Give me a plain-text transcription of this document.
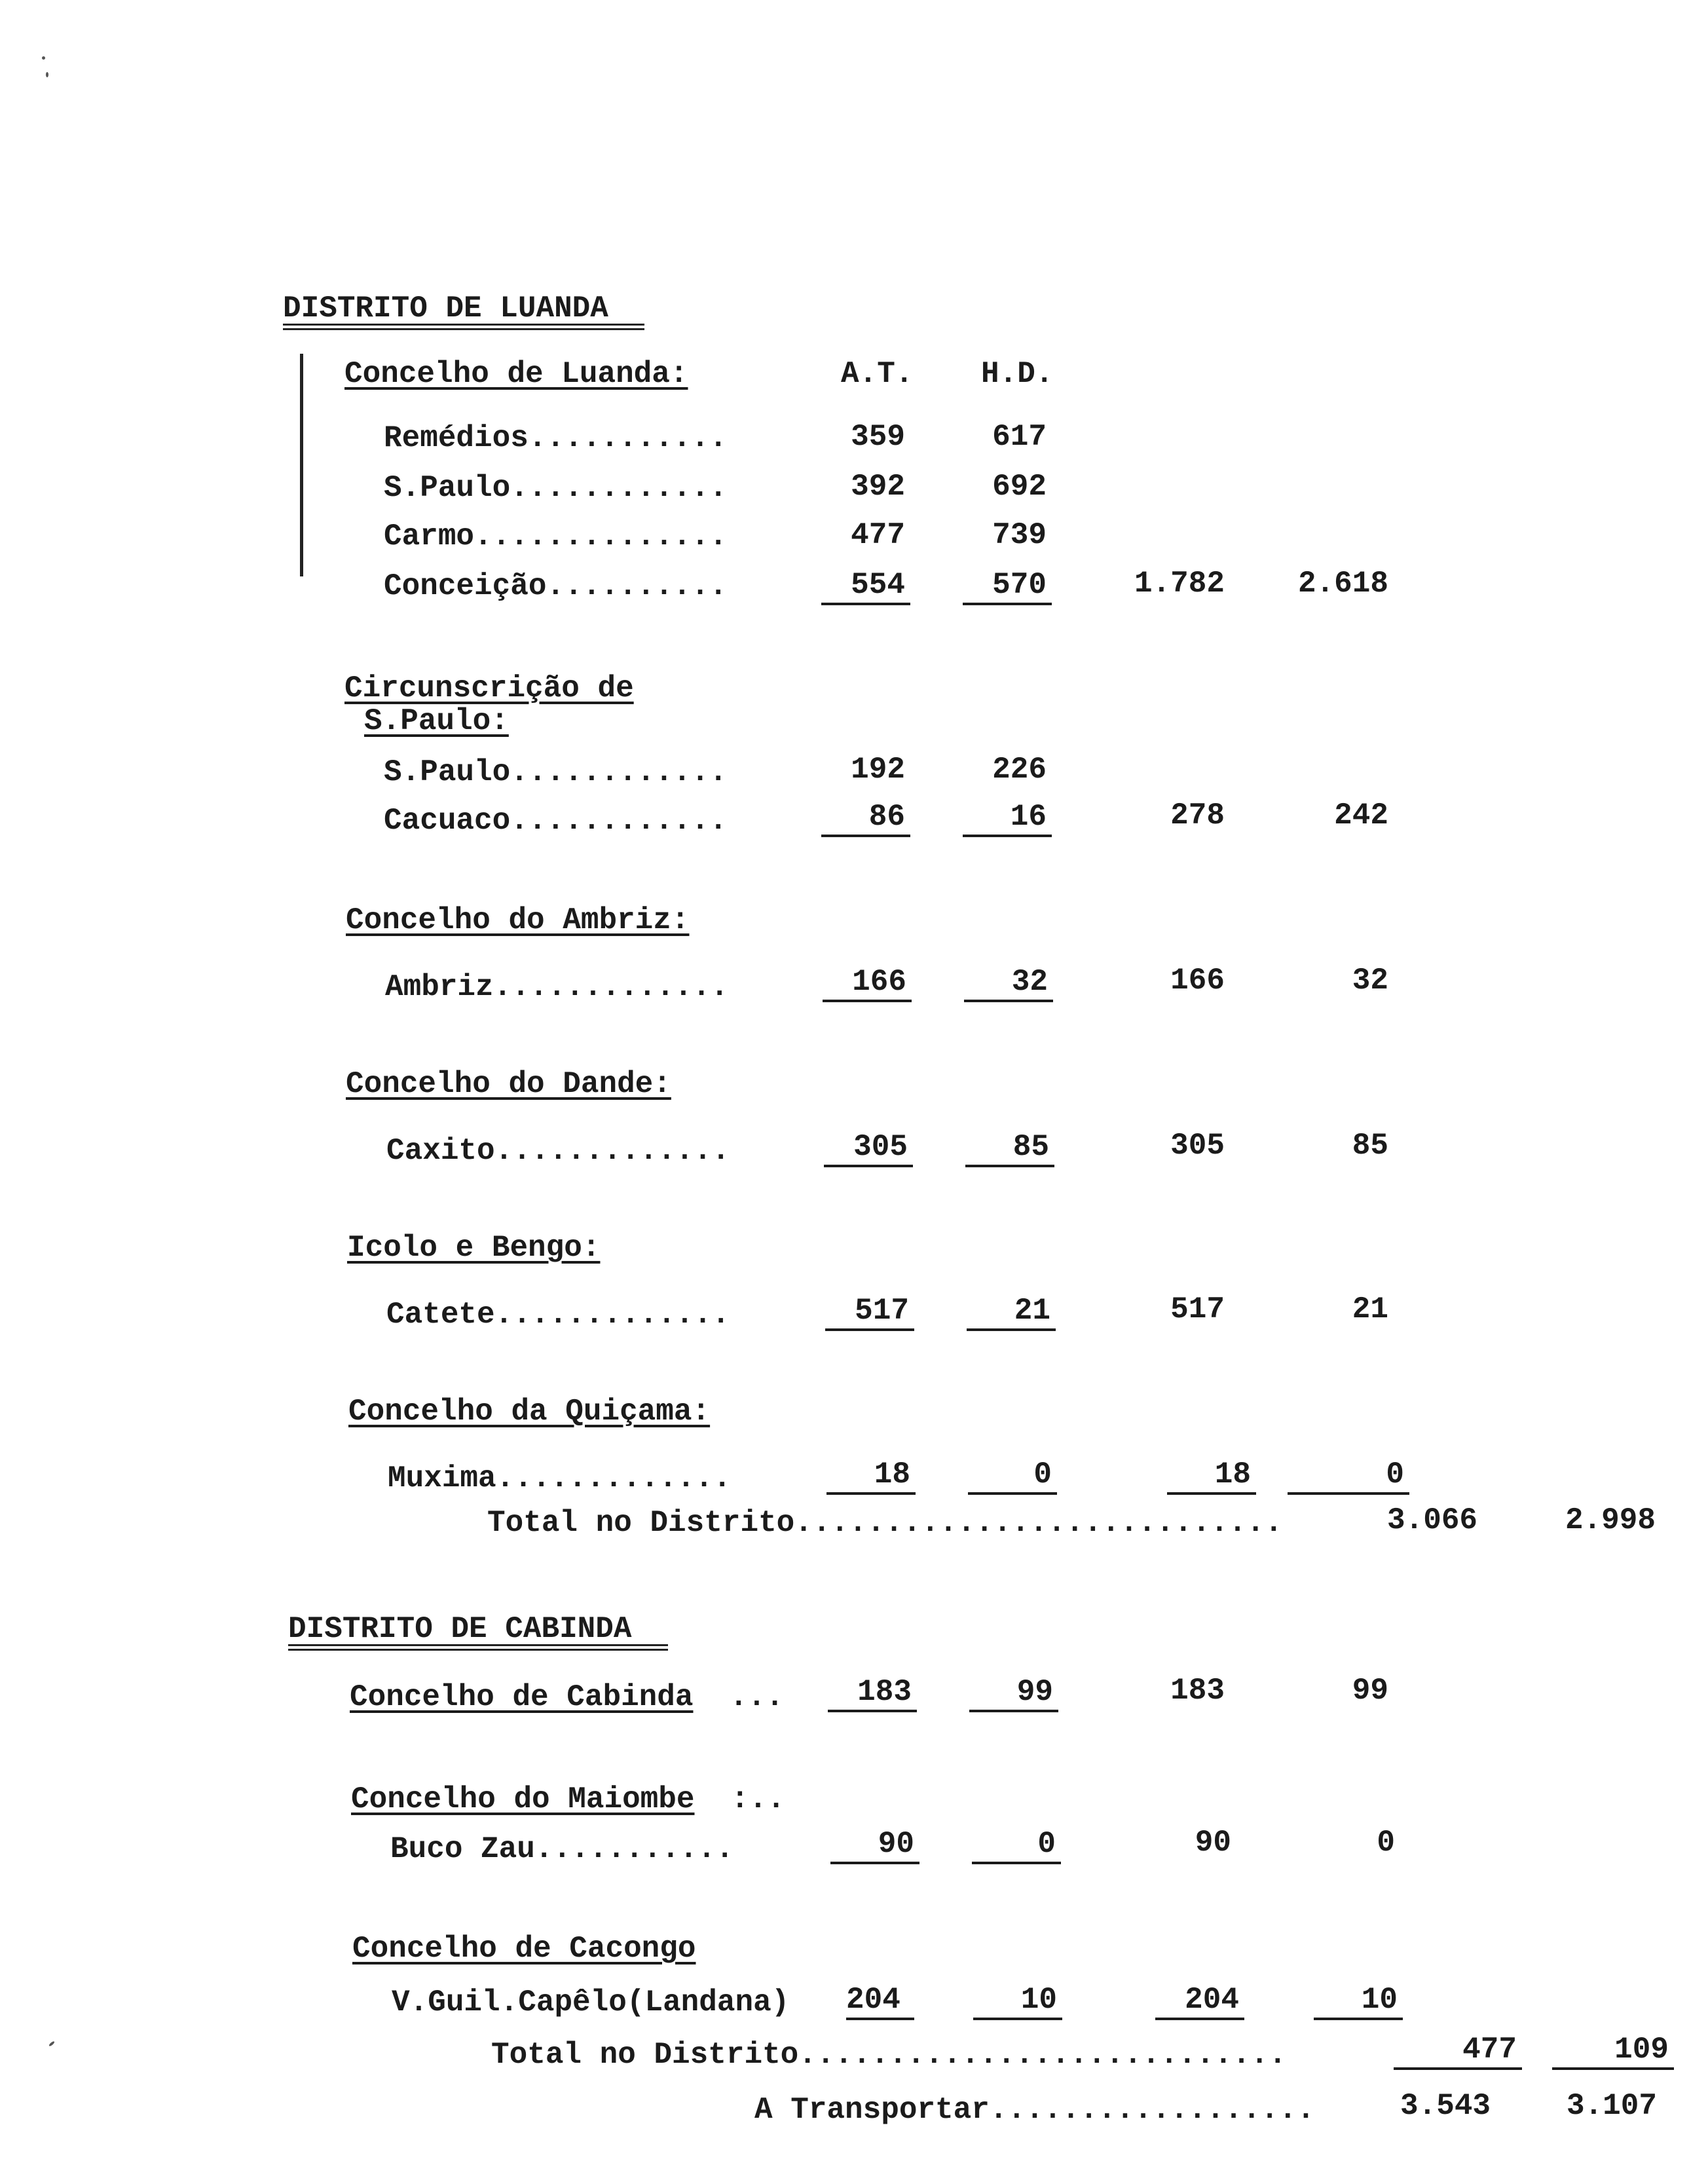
DISTRITO DE LUANDA
Concelho de Luanda:	A.T. H.D.
Remédios...........	359	617
S.Paulo............	392	692
Carmo..............	477	739
Conceição..........	554	570	1.782	2.618
Circunscrição de
S.Paulo:
S.Paulo............	192	226
Cacuaco............	86	16	278	242
Concelho do Ambriz:
Ambriz.............	166	32	166	32
Concelho do Dande:
Caxito.............	305	85	305	85
Icolo e Bengo:
Catete.............	517	21	517	21
Concelho da Quiçama:
Muxima.............	18	0	18	0
Total no Distrito...........................	3.066	2.998
DISTRITO DE CABINDA
Concelho de Cabinda ...	183	99	183	99
Concelho do Maiombe :..
Buco Zau...........	90	0	90	0
Concelho de Cacongo
V.Guil.Capêlo(Landana) 204	10	204	10
Total no Distrito...........................	477	109
A Transportar..................	3.543	3.107
